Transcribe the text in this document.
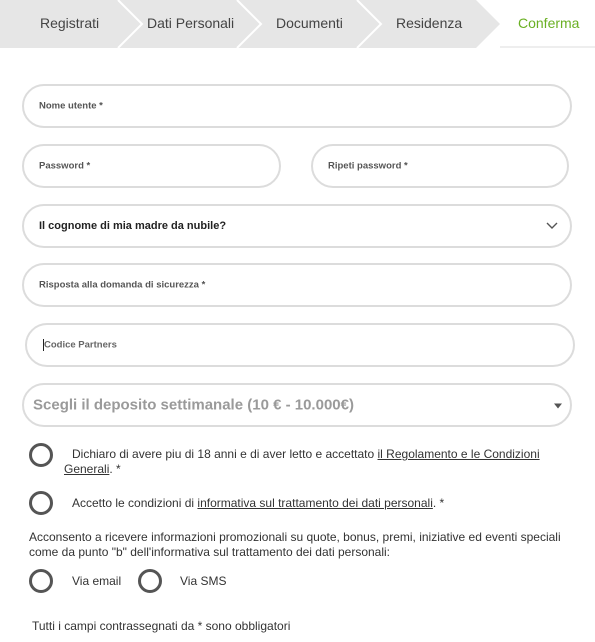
Registrati	Dati Personali	Documenti	Residenza	Conferma
Nome utente *
Password *	Ripeti password *
Il cognome di mia madre da nubile?
Risposta alla domanda di sicurezza *
Codice Partners
Scegli il deposito settimanale (10 € - 10.000€)
Dichiaro di avere piu di 18 anni e di aver letto e accettato il Regolamento e le Condizioni
Generali. *
Accetto le condizioni di informativa sul trattamento dei dati personali. *
Acconsento a ricevere informazioni promozionali su quote, bonus, premi, iniziative ed eventi speciali
come da punto "b" dell'informativa sul trattamento dei dati personali:
Via email	Via SMS
Tutti i campi contrassegnati da * sono obbligatori
